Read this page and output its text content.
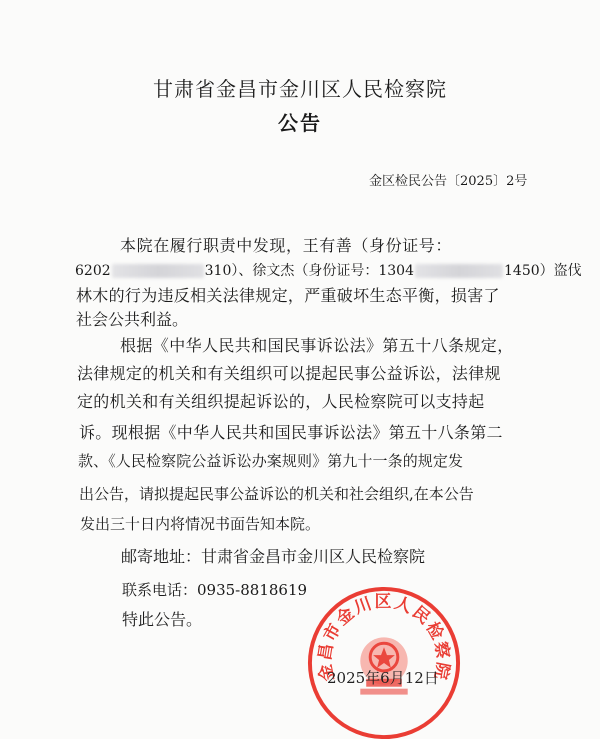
甘肃省金昌市金川区人民检察院
公告
金区检民公告〔2025〕2号
本院在履行职责中发现，王有善（身份证号：
6202	310）、徐文杰（身份证号：1304	1450）盗伐
林木的行为违反相关法律规定，严重破坏生态平衡，损害了
社会公共利益。
根据《中华人民共和国民事诉讼法》第五十八条规定，
法律规定的机关和有关组织可以提起民事公益诉讼，法律规
定的机关和有关组织提起诉讼的，人民检察院可以支持起
诉。现根据《中华人民共和国民事诉讼法》第五十八条第二
款、《人民检察院公益诉讼办案规则》第九十一条的规定发
出公告，请拟提起民事公益诉讼的机关和社会组织,在本公告
发出三十日内将情况书面告知本院。
邮寄地址：甘肃省金昌市金川区人民检察院
联系电话：0935-8818619
特此公告。
金昌市金川区人民检察院
2025年6月12日
